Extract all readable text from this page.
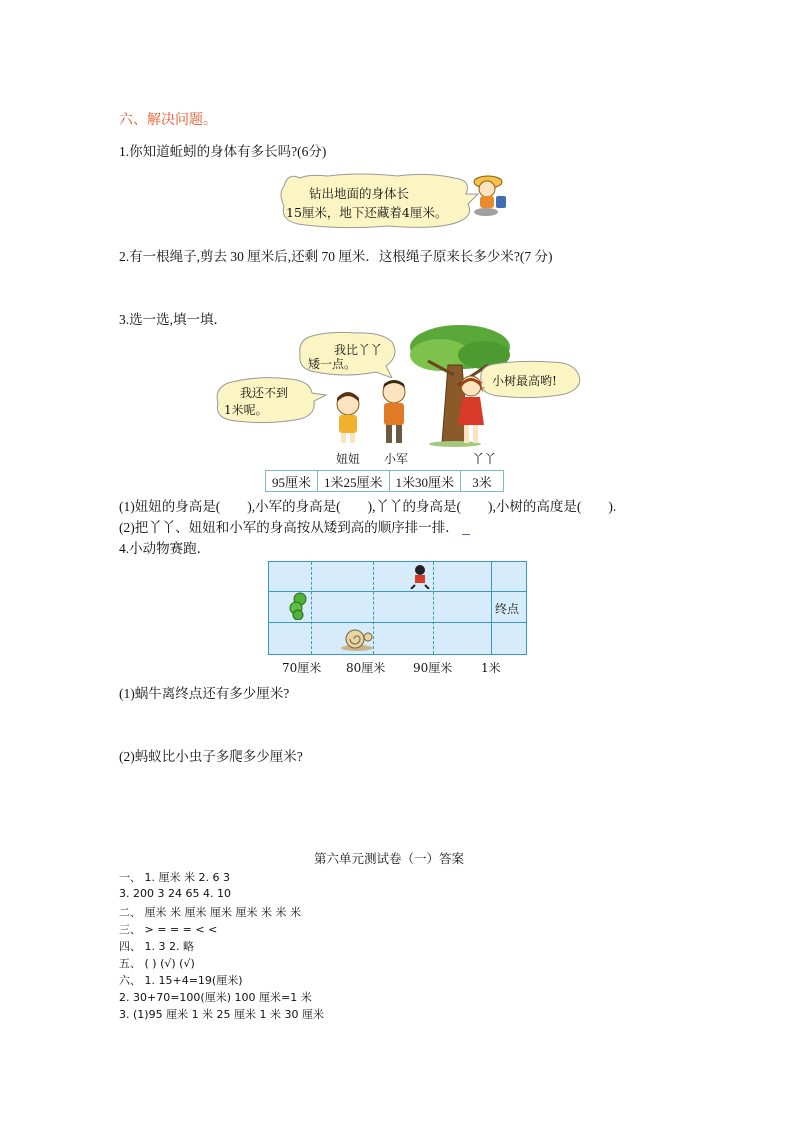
六、解决问题。
1.你知道蚯蚓的身体有多长吗?(6分)
钻出地面的身体长
15厘米，地下还藏着4厘米。
2.有一根绳子,剪去 30 厘米后,还剩 70 厘米．这根绳子原来长多少米?(7 分)
3.选一选,填一填．
我比丫丫
矮一点。
我还不到
1米呢。
小树最高哟!
妞妞 小军	丫丫
95厘米	1米25厘米	1米30厘米	3米
(1)妞妞的身高是(　　),小军的身高是(　　),丫丫的身高是(　　),小树的高度是(　　).
(2)把丫丫、妞妞和小军的身高按从矮到高的顺序排一排．
4.小动物赛跑．
终点
70厘米 80厘米 90厘米 1米
(1)蜗牛离终点还有多少厘米?
(2)蚂蚁比小虫子多爬多少厘米?
第六单元测试卷（一）答案
一、 1. 厘米 米 2. 6 3
3. 200 3 24 65 4. 10
二、 厘米 米 厘米 厘米 厘米 米 米 米
三、 > = = = < <
四、 1. 3 2. 略
五、 ( ) (√) (√)
六、 1. 15+4=19(厘米)
2. 30+70=100(厘米) 100 厘米=1 米
3. (1)95 厘米 1 米 25 厘米 1 米 30 厘米
